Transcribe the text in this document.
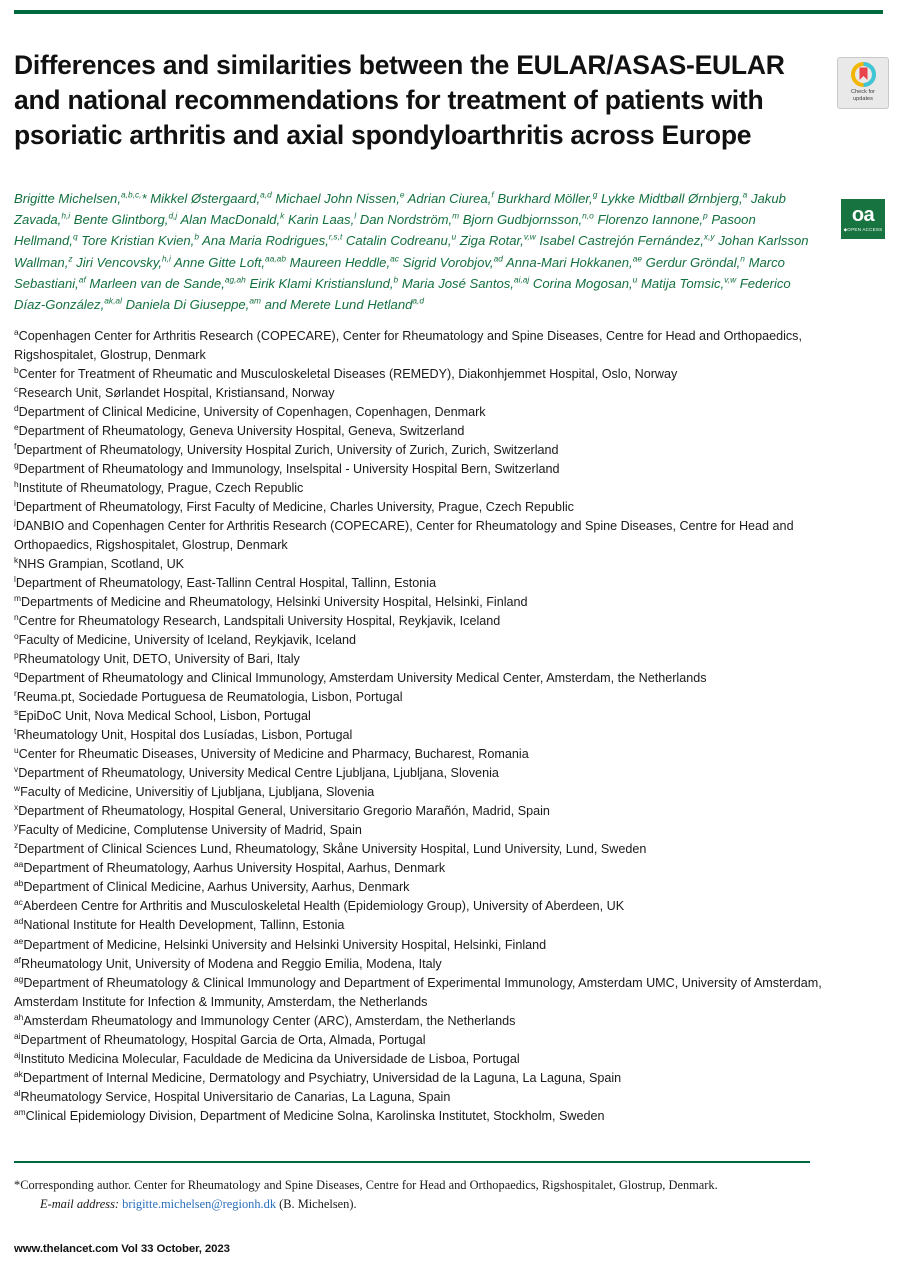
Differences and similarities between the EULAR/ASAS-EULAR and national recommendations for treatment of patients with psoriatic arthritis and axial spondyloarthritis across Europe
Check for
updates
oa
◆OPEN ACCESS
Brigitte Michelsen,$^{a,b,c,}$* Mikkel Østergaard,$^{a,d}$ Michael John Nissen,$^e$ Adrian Ciurea,$^f$ Burkhard Möller,$^g$ Lykke Midtbøll Ørnbjerg,$^a$ Jakub Zavada,$^{h,i}$ Bente Glintborg,$^{d,j}$ Alan MacDonald,$^k$ Karin Laas,$^l$ Dan Nordström,$^m$ Bjorn Gudbjornsson,$^{n,o}$ Florenzo Iannone,$^p$ Pasoon Hellmand,$^q$ Tore Kristian Kvien,$^b$ Ana Maria Rodrigues,$^{r,s,t}$ Catalin Codreanu,$^u$ Ziga Rotar,$^{v,w}$ Isabel Castrejón Fernández,$^{x,y}$ Johan Karlsson Wallman,$^z$ Jiri Vencovsky,$^{h,i}$ Anne Gitte Loft,$^{aa,ab}$ Maureen Heddle,$^{ac}$ Sigrid Vorobjov,$^{ad}$ Anna-Mari Hokkanen,$^{ae}$ Gerdur Gröndal,$^n$ Marco Sebastiani,$^{af}$ Marleen van de Sande,$^{ag,ah}$ Eirik Klami Kristianslund,$^b$ Maria José Santos,$^{ai,aj}$ Corina Mogosan,$^u$ Matija Tomsic,$^{v,w}$ Federico Díaz-González,$^{ak,al}$ Daniela Di Giuseppe,$^{am}$ and Merete Lund Hetland$^{a,d}$

$^a$Copenhagen Center for Arthritis Research (COPECARE), Center for Rheumatology and Spine Diseases, Centre for Head and Orthopaedics, Rigshospitalet, Glostrup, Denmark

$^b$Center for Treatment of Rheumatic and Musculoskeletal Diseases (REMEDY), Diakonhjemmet Hospital, Oslo, Norway

$^c$Research Unit, Sørlandet Hospital, Kristiansand, Norway

$^d$Department of Clinical Medicine, University of Copenhagen, Copenhagen, Denmark

$^e$Department of Rheumatology, Geneva University Hospital, Geneva, Switzerland

$^f$Department of Rheumatology, University Hospital Zurich, University of Zurich, Zurich, Switzerland

$^g$Department of Rheumatology and Immunology, Inselspital - University Hospital Bern, Switzerland

$^h$Institute of Rheumatology, Prague, Czech Republic

$^i$Department of Rheumatology, First Faculty of Medicine, Charles University, Prague, Czech Republic

$^j$DANBIO and Copenhagen Center for Arthritis Research (COPECARE), Center for Rheumatology and Spine Diseases, Centre for Head and Orthopaedics, Rigshospitalet, Glostrup, Denmark

$^k$NHS Grampian, Scotland, UK

$^l$Department of Rheumatology, East-Tallinn Central Hospital, Tallinn, Estonia

$^m$Departments of Medicine and Rheumatology, Helsinki University Hospital, Helsinki, Finland

$^n$Centre for Rheumatology Research, Landspitali University Hospital, Reykjavik, Iceland

$^o$Faculty of Medicine, University of Iceland, Reykjavik, Iceland

$^p$Rheumatology Unit, DETO, University of Bari, Italy

$^q$Department of Rheumatology and Clinical Immunology, Amsterdam University Medical Center, Amsterdam, the Netherlands

$^r$Reuma.pt, Sociedade Portuguesa de Reumatologia, Lisbon, Portugal

$^s$EpiDoC Unit, Nova Medical School, Lisbon, Portugal

$^t$Rheumatology Unit, Hospital dos Lusíadas, Lisbon, Portugal

$^u$Center for Rheumatic Diseases, University of Medicine and Pharmacy, Bucharest, Romania

$^v$Department of Rheumatology, University Medical Centre Ljubljana, Ljubljana, Slovenia

$^w$Faculty of Medicine, Universitiy of Ljubljana, Ljubljana, Slovenia

$^x$Department of Rheumatology, Hospital General, Universitario Gregorio Marañón, Madrid, Spain

$^y$Faculty of Medicine, Complutense University of Madrid, Spain

$^z$Department of Clinical Sciences Lund, Rheumatology, Skåne University Hospital, Lund University, Lund, Sweden

$^{aa}$Department of Rheumatology, Aarhus University Hospital, Aarhus, Denmark

$^{ab}$Department of Clinical Medicine, Aarhus University, Aarhus, Denmark

$^{ac}$Aberdeen Centre for Arthritis and Musculoskeletal Health (Epidemiology Group), University of Aberdeen, UK

$^{ad}$National Institute for Health Development, Tallinn, Estonia

$^{ae}$Department of Medicine, Helsinki University and Helsinki University Hospital, Helsinki, Finland

$^{af}$Rheumatology Unit, University of Modena and Reggio Emilia, Modena, Italy

$^{ag}$Department of Rheumatology & Clinical Immunology and Department of Experimental Immunology, Amsterdam UMC, University of Amsterdam, Amsterdam Institute for Infection & Immunity, Amsterdam, the Netherlands

$^{ah}$Amsterdam Rheumatology and Immunology Center (ARC), Amsterdam, the Netherlands

$^{ai}$Department of Rheumatology, Hospital Garcia de Orta, Almada, Portugal

$^{aj}$Instituto Medicina Molecular, Faculdade de Medicina da Universidade de Lisboa, Portugal

$^{ak}$Department of Internal Medicine, Dermatology and Psychiatry, Universidad de la Laguna, La Laguna, Spain

$^{al}$Rheumatology Service, Hospital Universitario de Canarias, La Laguna, Spain

$^{am}$Clinical Epidemiology Division, Department of Medicine Solna, Karolinska Institutet, Stockholm, Sweden

*Corresponding author. Center for Rheumatology and Spine Diseases, Centre for Head and Orthopaedics, Rigshospitalet, Glostrup, Denmark.

E-mail address: brigitte.michelsen@regionh.dk (B. Michelsen).

www.thelancet.com Vol 33 October, 2023
